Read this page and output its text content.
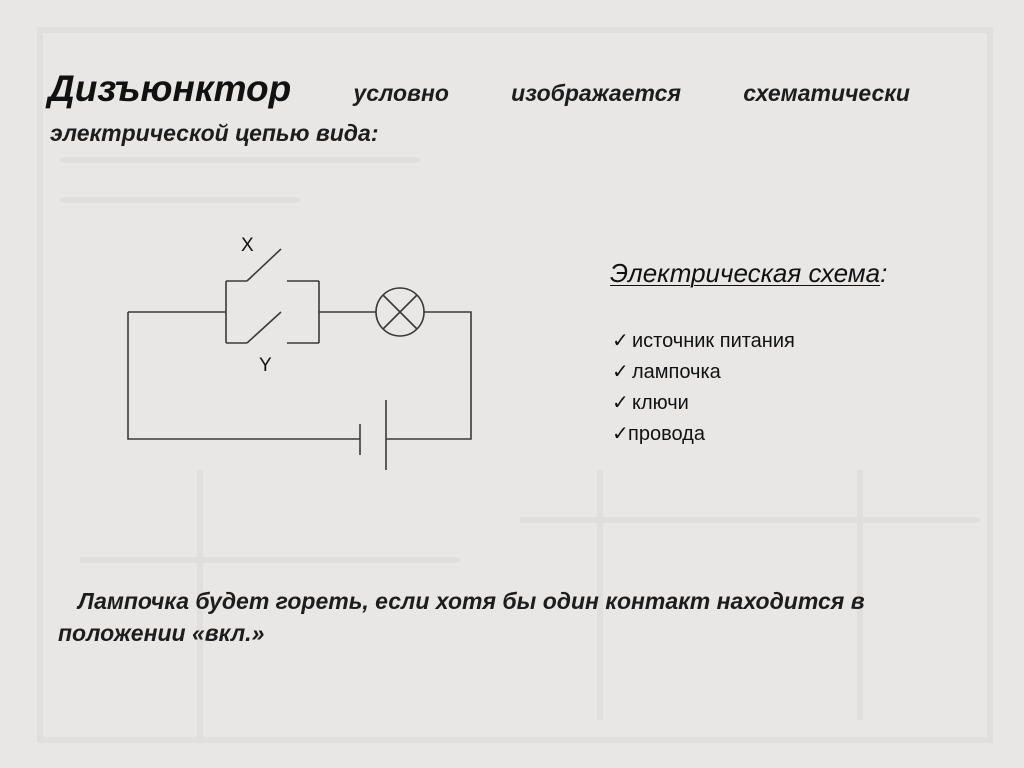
Дизъюнктор	условно	изображается	схематически
электрической цепью вида:
X
Y
Электрическая схема:
✓ источник питания
✓ лампочка
✓ ключи
✓провода
Лампочка будет гореть, если хотя бы один контакт находится в
положении «вкл.»
